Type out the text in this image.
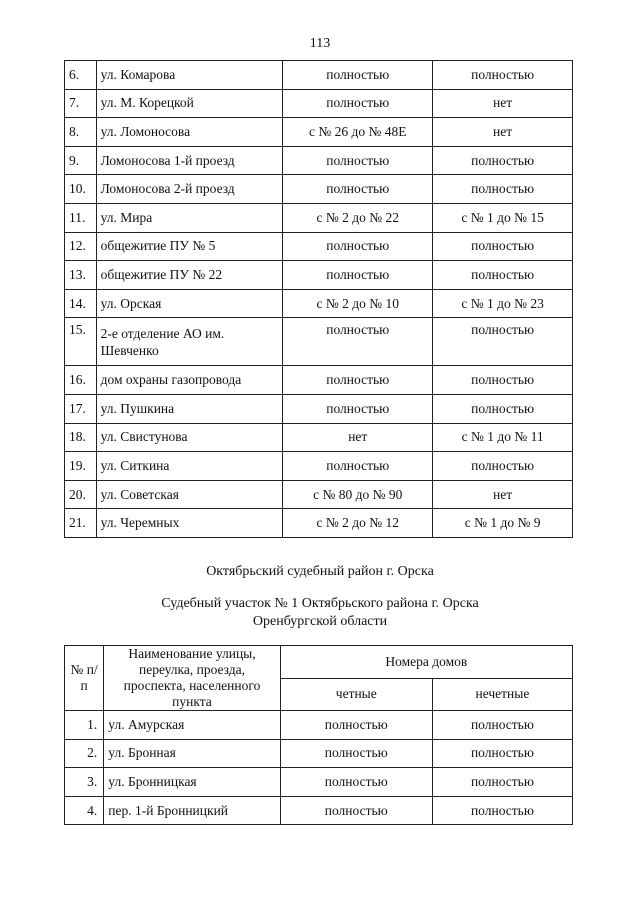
113
6.	ул. Комарова	полностью	полностью
7.	ул. М. Корецкой	полностью	нет
8.	ул. Ломоносова	с № 26 до № 48Е	нет
9.	Ломоносова 1-й проезд	полностью	полностью
10.	Ломоносова 2-й проезд	полностью	полностью
11.	ул. Мира	с № 2 до № 22	с № 1 до № 15
12.	общежитие ПУ № 5	полностью	полностью
13.	общежитие ПУ № 22	полностью	полностью
14.	ул. Орская	с № 2 до № 10	с № 1 до № 23
15.	2-е отделение АО им. Шевченко	полностью	полностью
16.	дом охраны газопровода	полностью	полностью
17.	ул. Пушкина	полностью	полностью
18.	ул. Свистунова	нет	с № 1 до № 11
19.	ул. Ситкина	полностью	полностью
20.	ул. Советская	с № 80 до № 90	нет
21.	ул. Черемных	с № 2 до № 12	с № 1 до № 9
Октябрьский судебный район г. Орска
Судебный участок № 1 Октябрьского района г. Орска
Оренбургской области
№ п/п	Наименование улицы, переулка, проезда, проспекта, населенного пункта	Номера домов	
		четные	нечетные
1.	ул. Амурская	полностью	полностью
2.	ул. Бронная	полностью	полностью
3.	ул. Бронницкая	полностью	полностью
4.	пер. 1-й Бронницкий	полностью	полностью
